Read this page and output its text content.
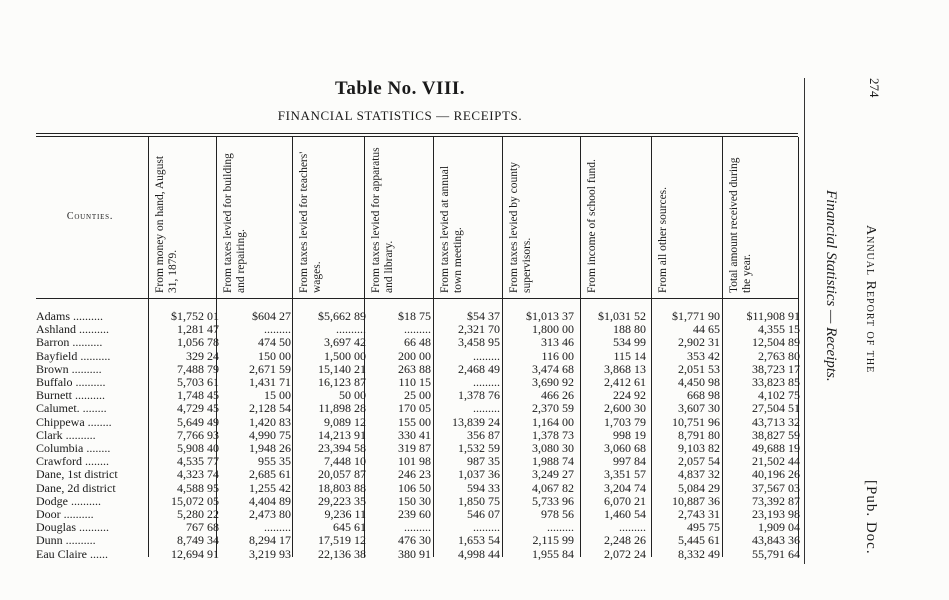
Table No. VIII.
FINANCIAL STATISTICS — RECEIPTS.
Counties.	From money on hand, August 31, 1879.	From taxes levied for building and repairing.	From taxes levied for teachers' wages.	From taxes levied for apparatus and library.	From taxes levied at annual town meeting.	From taxes levied by county supervisors.	From income of school fund.	From all other sources.	Total amount received during the year.
Adams ..........	$1,752 01	$604 27	$5,662 89	$18 75	$54 37	$1,013 37	$1,031 52	$1,771 90	$11,908 91
Ashland ..........	1,281 47	.........	..........	.........	2,321 70	1,800 00	188 80	44 65	4,355 15
Barron ..........	1,056 78	474 50	3,697 42	66 48	3,458 95	313 46	534 99	2,902 31	12,504 89
Bayfield ..........	329 24	150 00	1,500 00	200 00	.........	116 00	115 14	353 42	2,763 80
Brown ..........	7,488 79	2,671 59	15,140 21	263 88	2,468 49	3,474 68	3,868 13	2,051 53	38,723 17
Buffalo ..........	5,703 61	1,431 71	16,123 87	110 15	.........	3,690 92	2,412 61	4,450 98	33,823 85
Burnett ..........	1,748 45	15 00	50 00	25 00	1,378 76	466 26	224 92	668 98	4,102 75
Calumet. ........	4,729 45	2,128 54	11,898 28	170 05	.........	2,370 59	2,600 30	3,607 30	27,504 51
Chippewa ........	5,649 49	1,420 83	9,089 12	155 00	13,839 24	1,164 00	1,703 79	10,751 96	43,713 32
Clark ..........	7,766 93	4,990 75	14,213 91	330 41	356 87	1,378 73	998 19	8,791 80	38,827 59
Columbia ........	5,908 40	1,948 26	23,394 58	319 87	1,532 59	3,080 30	3,060 68	9,103 82	49,688 19
Crawford ........	4,535 77	955 35	7,448 10	101 98	987 35	1,988 74	997 84	2,057 54	21,502 44
Dane, 1st district	4,323 74	2,685 61	20,057 87	246 23	1,037 36	3,249 27	3,351 57	4,837 32	40,196 26
Dane, 2d district	4,588 95	1,255 42	18,803 88	106 50	594 33	4,067 82	3,204 74	5,084 29	37,567 03
Dodge ..........	15,072 05	4,404 89	29,223 35	150 30	1,850 75	5,733 96	6,070 21	10,887 36	73,392 87
Door ..........	5,280 22	2,473 80	9,236 11	239 60	546 07	978 56	1,460 54	2,743 31	23,193 98
Douglas ..........	767 68	.........	645 61	.........	.........	.........	.........	495 75	1,909 04
Dunn ..........	8,749 34	8,294 17	17,519 12	476 30	1,653 54	2,115 99	2,248 26	5,445 61	43,843 36
Eau Claire ......	12,694 91	3,219 93	22,136 38	380 91	4,998 44	1,955 84	2,072 24	8,332 49	55,791 64
Financial Statistics — Receipts. Annual Report of the
[Pub. Doc.
274
